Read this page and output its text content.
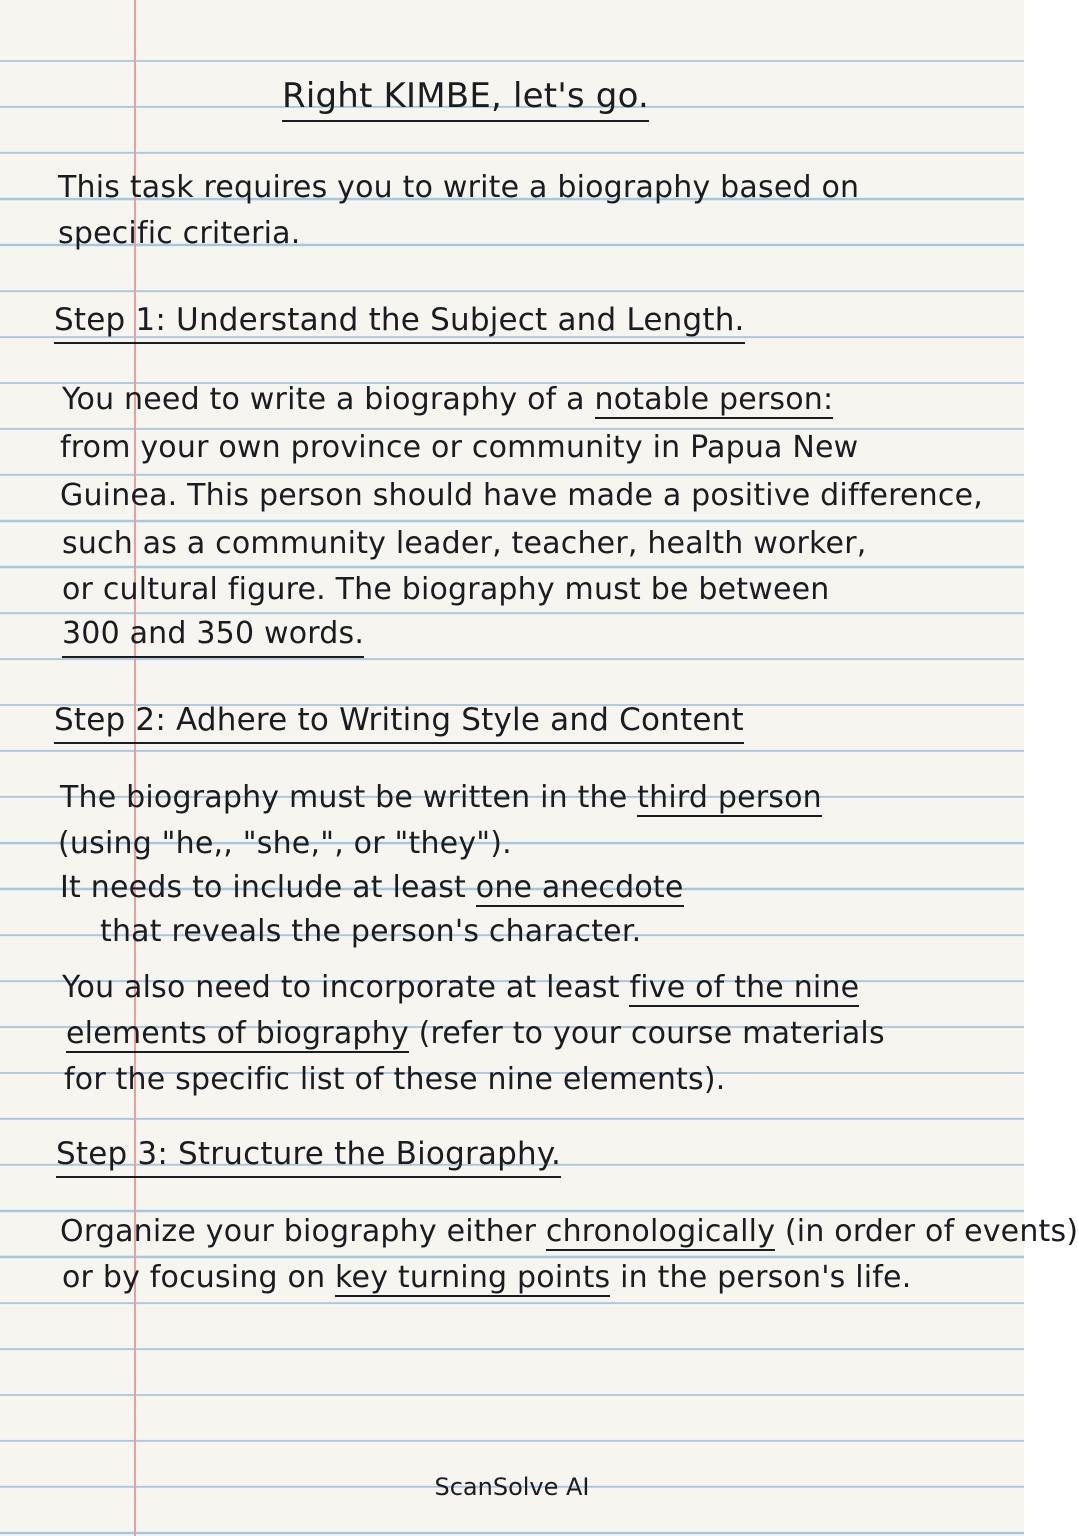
Right KIMBE, let's go.
This task requires you to write a biography based on
specific criteria.
Step 1: Understand the Subject and Length.
You need to write a biography of a notable person:
from your own province or community in Papua New
Guinea. This person should have made a positive difference,
such as a community leader, teacher, health worker,
or cultural figure. The biography must be between
300 and 350 words.
Step 2: Adhere to Writing Style and Content
The biography must be written in the third person
(using "he,, "she,", or "they").
It needs to include at least one anecdote
that reveals the person's character.
You also need to incorporate at least five of the nine
elements of biography (refer to your course materials
for the specific list of these nine elements).
Step 3: Structure the Biography.
Organize your biography either chronologically (in order of events)
or by focusing on key turning points in the person's life.
ScanSolve AI
